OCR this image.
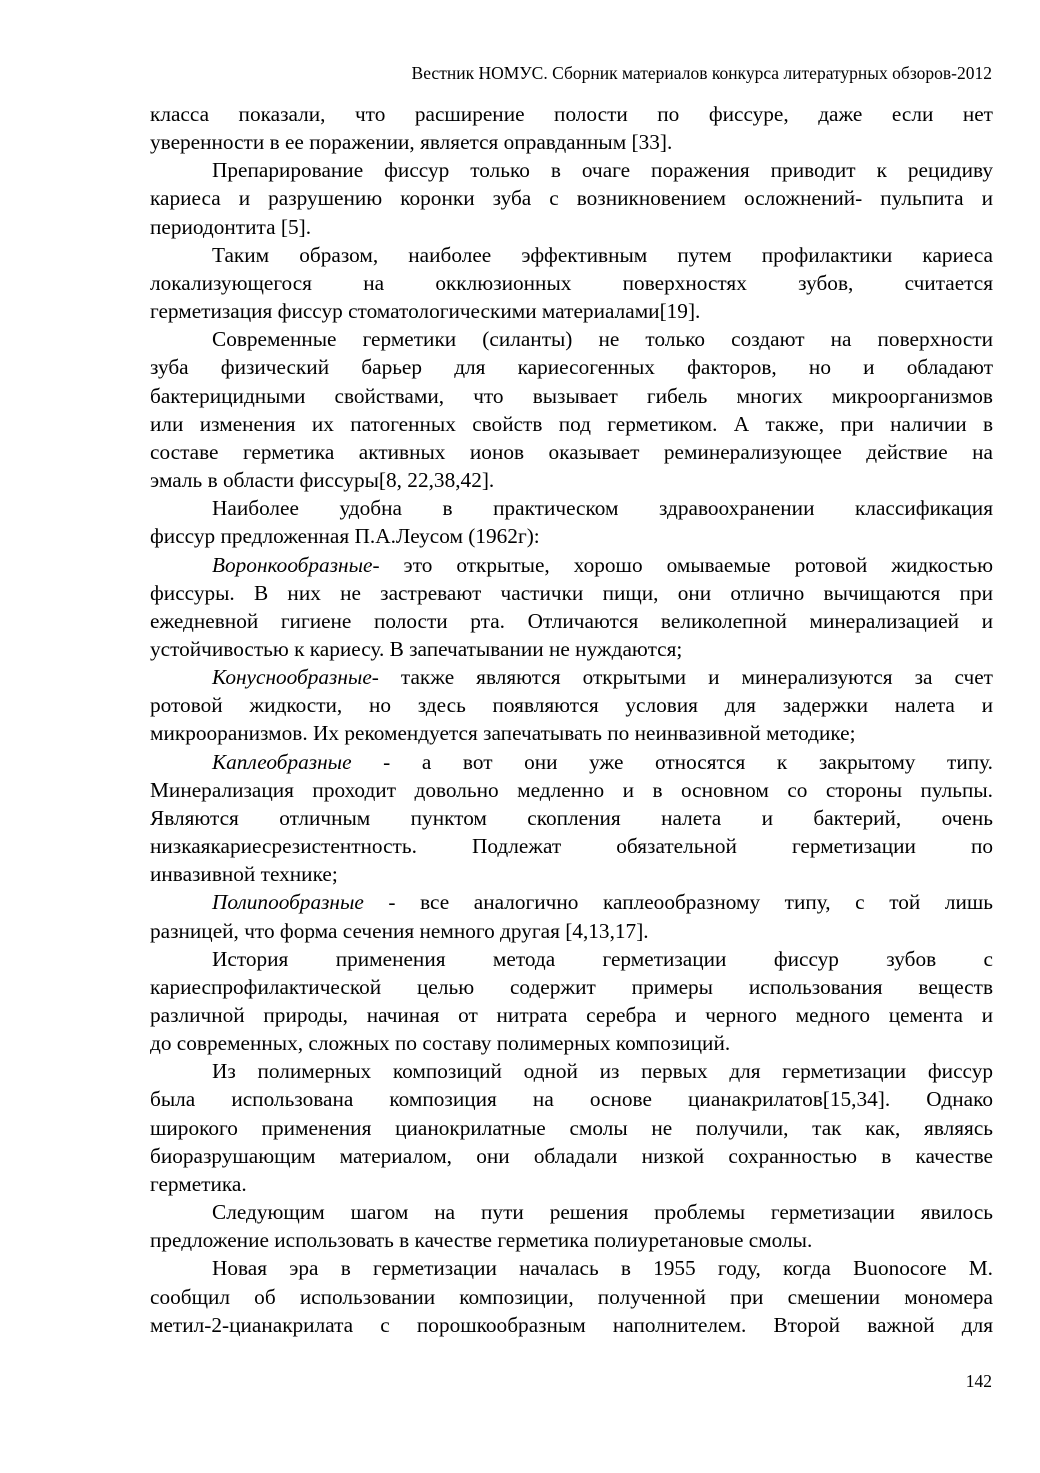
Вестник НОМУС. Сборник материалов конкурса литературных обзоров-2012

класса показали, что расширение полости по фиссуре, даже если нет
уверенности в ее поражении, является оправданным [33].

Препарирование фиссур только в очаге поражения приводит к рецидиву
кариеса и разрушению коронки зуба с возникновением осложнений- пульпита и
периодонтита [5].

Таким образом, наиболее эффективным путем профилактики кариеса
локализующегося на окклюзионных поверхностях зубов, считается
герметизация фиссур стоматологическими материалами[19].

Современные герметики (силанты) не только создают на поверхности
зуба физический барьер для кариесогенных факторов, но и обладают
бактерицидными свойствами, что вызывает гибель многих микроорганизмов
или изменения их патогенных свойств под герметиком. А также, при наличии в
составе герметика активных ионов оказывает реминерализующее действие на
эмаль в области фиссуры[8, 22,38,42].

Наиболее удобна в практическом здравоохранении классификация
фиссур предложенная П.А.Леусом (1962г):

Воронкообразные- это открытые, хорошо омываемые ротовой жидкостью
фиссуры. В них не застревают частички пищи, они отлично вычищаются при
ежедневной гигиене полости рта. Отличаются великолепной минерализацией и
устойчивостью к кариесу. В запечатывании не нуждаются;

Конуснообразные- также являются открытыми и минерализуются за счет
ротовой жидкости, но здесь появляются условия для задержки налета и
микрооранизмов. Их рекомендуется запечатывать по неинвазивной методике;

Каплеобразные - а вот они уже относятся к закрытому типу.
Минерализация проходит довольно медленно и в основном со стороны пульпы.
Являются отличным пунктом скопления налета и бактерий, очень
низкаякариесрезистентность. Подлежат обязательной герметизации по
инвазивной технике;

Полипообразные - все аналогично каплеообразному типу, с той лишь
разницей, что форма сечения немного другая [4,13,17].

История применения метода герметизации фиссур зубов с
кариеспрофилактической целью содержит примеры использования веществ
различной природы, начиная от нитрата серебра и черного медного цемента и
до современных, сложных по составу полимерных композиций.

Из полимерных композиций одной из первых для герметизации фиссур
была использована композиция на основе цианакрилатов[15,34]. Однако
широкого применения цианокрилатные смолы не получили, так как, являясь
биоразрушающим материалом, они обладали низкой сохранностью в качестве
герметика.

Следующим шагом на пути решения проблемы герметизации явилось
предложение использовать в качестве герметика полиуретановые смолы.

Новая эра в герметизации началась в 1955 году, когда Buonocore M.
сообщил об использовании композиции, полученной при смешении мономера
метил-2-цианакрилата с порошкообразным наполнителем. Второй важной для

142
